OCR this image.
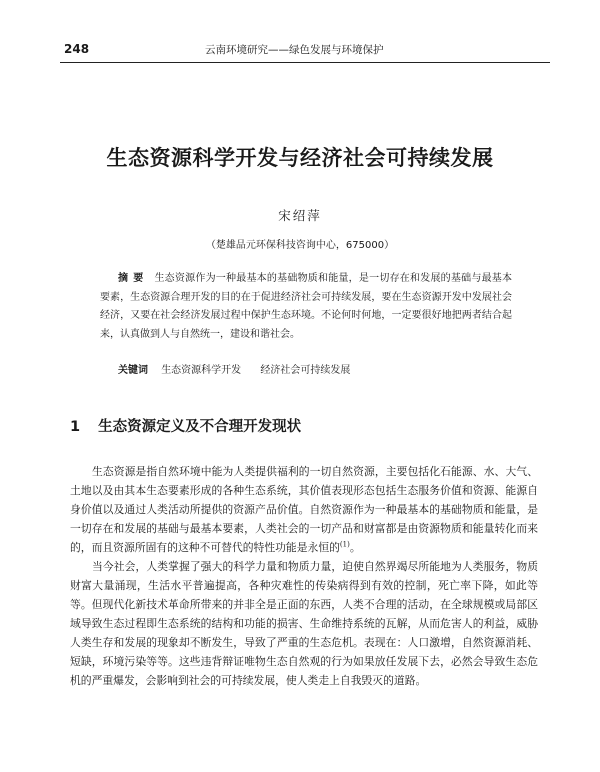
248	云南环境研究——绿色发展与环境保护
生态资源科学开发与经济社会可持续发展
宋绍萍
（楚雄品元环保科技咨询中心，675000）
摘要 生态资源作为一种最基本的基础物质和能量，是一切存在和发展的基础与最基本要素，生态资源合理开发的目的在于促进经济社会可持续发展，要在生态资源开发中发展社会经济，又要在社会经济发展过程中保护生态环境。不论何时何地，一定要很好地把两者结合起来，认真做到人与自然统一，建设和谐社会。
关键词 生态资源科学开发 经济社会可持续发展
1 生态资源定义及不合理开发现状

生态资源是指自然环境中能为人类提供福利的一切自然资源，主要包括化石能源、水、大气、土地以及由其本生态要素形成的各种生态系统，其价值表现形态包括生态服务价值和资源、能源自身价值以及通过人类活动所提供的资源产品价值。自然资源作为一种最基本的基础物质和能量，是一切存在和发展的基础与最基本要素，人类社会的一切产品和财富都是由资源物质和能量转化而来的，而且资源所固有的这种不可替代的特性功能是永恒的$^{(1)}$。

当今社会，人类掌握了强大的科学力量和物质力量，迫使自然界竭尽所能地为人类服务，物质财富大量涌现，生活水平普遍提高，各种灾难性的传染病得到有效的控制，死亡率下降，如此等等。但现代化新技术革命所带来的并非全是正面的东西，人类不合理的活动，在全球规模或局部区域导致生态过程即生态系统的结构和功能的损害、生命维持系统的瓦解，从而危害人的利益，威胁人类生存和发展的现象却不断发生，导致了严重的生态危机。表现在：人口激增，自然资源消耗、短缺，环境污染等等。这些违背辩证唯物生态自然观的行为如果放任发展下去，必然会导致生态危机的严重爆发，会影响到社会的可持续发展，使人类走上自我毁灭的道路。
